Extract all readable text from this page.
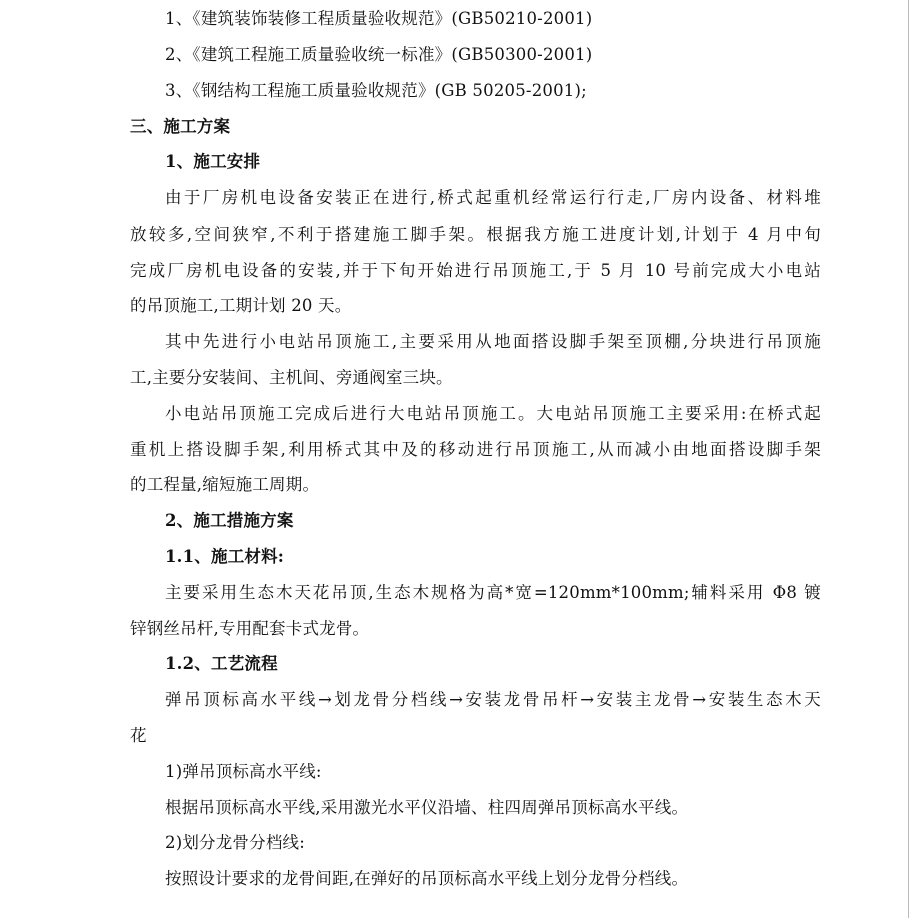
1、《建筑装饰装修工程质量验收规范》(GB50210-2001)
2、《建筑工程施工质量验收统一标准》(GB50300-2001)
3、《钢结构工程施工质量验收规范》(GB 50205-2001);
三、施工方案
1、施工安排
由于厂房机电设备安装正在进行,桥式起重机经常运行行走,厂房内设备、材料堆
放较多,空间狭窄,不利于搭建施工脚手架。根据我方施工进度计划,计划于 4 月中旬
完成厂房机电设备的安装,并于下旬开始进行吊顶施工,于 5 月 10 号前完成大小电站
的吊顶施工,工期计划 20 天。
其中先进行小电站吊顶施工,主要采用从地面搭设脚手架至顶棚,分块进行吊顶施
工,主要分安装间、主机间、旁通阀室三块。
小电站吊顶施工完成后进行大电站吊顶施工。大电站吊顶施工主要采用:在桥式起
重机上搭设脚手架,利用桥式其中及的移动进行吊顶施工,从而减小由地面搭设脚手架
的工程量,缩短施工周期。
2、施工措施方案
1.1、施工材料:
主要采用生态木天花吊顶,生态木规格为高*宽=120mm*100mm;辅料采用 Φ8 镀
锌钢丝吊杆,专用配套卡式龙骨。
1.2、工艺流程
弹吊顶标高水平线→划龙骨分档线→安装龙骨吊杆→安装主龙骨→安装生态木天
花
1)弹吊顶标高水平线:
根据吊顶标高水平线,采用激光水平仪沿墙、柱四周弹吊顶标高水平线。
2)划分龙骨分档线:
按照设计要求的龙骨间距,在弹好的吊顶标高水平线上划分龙骨分档线。
